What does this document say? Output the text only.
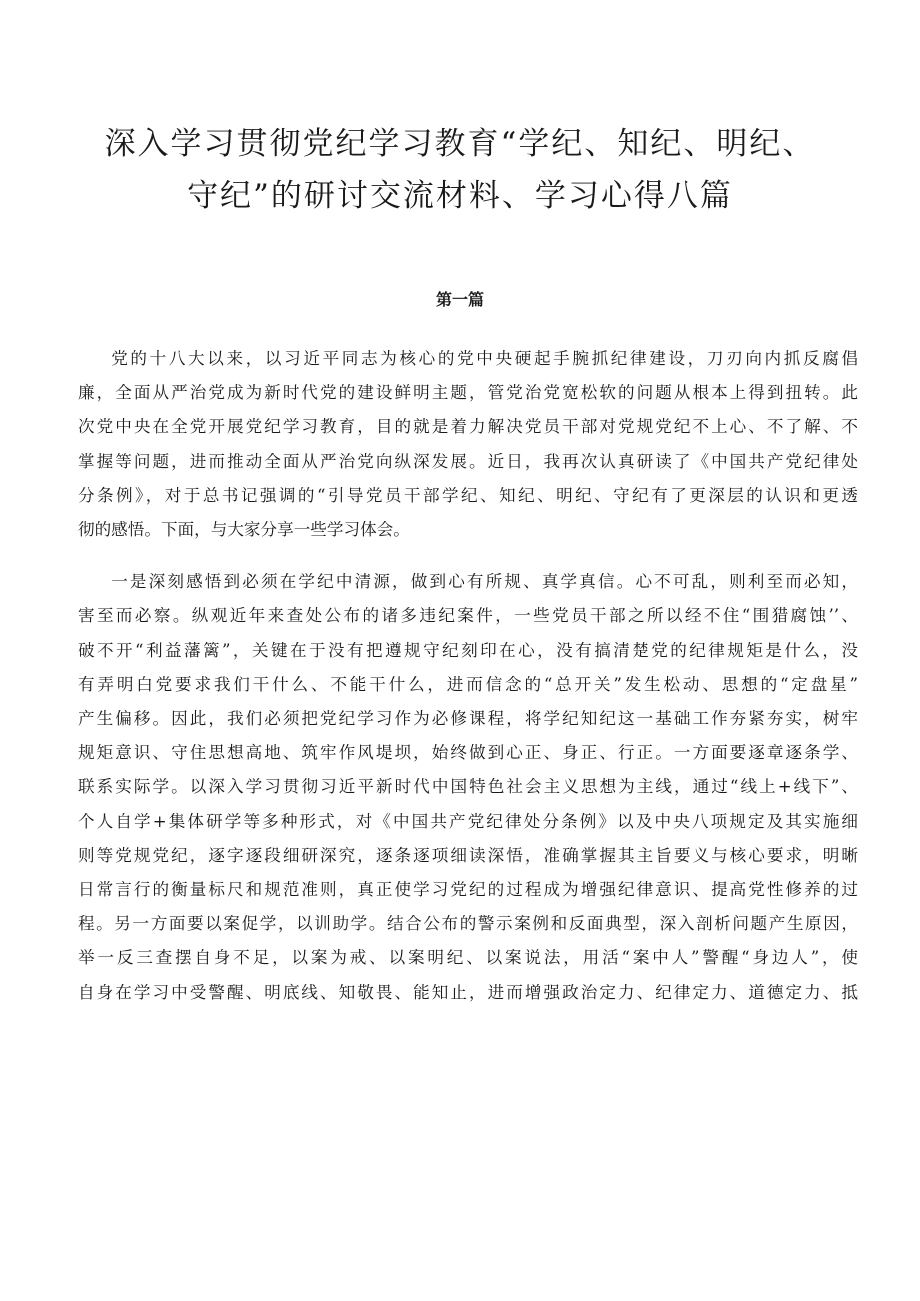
深入学习贯彻党纪学习教育“学纪、知纪、明纪、
守纪”的研讨交流材料、学习心得八篇
第一篇

党的十八大以来，以习近平同志为核心的党中央硬起手腕抓纪律建设，刀刃向内抓反腐倡
廉，全面从严治党成为新时代党的建设鲜明主题，管党治党宽松软的问题从根本上得到扭转。此
次党中央在全党开展党纪学习教育，目的就是着力解决党员干部对党规党纪不上心、不了解、不
掌握等问题，进而推动全面从严治党向纵深发展。近日，我再次认真研读了《中国共产党纪律处
分条例》，对于总书记强调的“引导党员干部学纪、知纪、明纪、守纪有了更深层的认识和更透
彻的感悟。下面，与大家分享一些学习体会。

一是深刻感悟到必须在学纪中清源，做到心有所规、真学真信。心不可乱，则利至而必知，
害至而必察。纵观近年来查处公布的诸多违纪案件，一些党员干部之所以经不住“围猎腐蚀’’、
破不开“利益藩篱”，关键在于没有把遵规守纪刻印在心，没有搞清楚党的纪律规矩是什么，没
有弄明白党要求我们干什么、不能干什么，进而信念的“总开关”发生松动、思想的“定盘星”
产生偏移。因此，我们必须把党纪学习作为必修课程，将学纪知纪这一基础工作夯紧夯实，树牢
规矩意识、守住思想高地、筑牢作风堤坝，始终做到心正、身正、行正。一方面要逐章逐条学、
联系实际学。以深入学习贯彻习近平新时代中国特色社会主义思想为主线，通过“线上+线下”、
个人自学+集体研学等多种形式，对《中国共产党纪律处分条例》以及中央八项规定及其实施细
则等党规党纪，逐字逐段细研深究，逐条逐项细读深悟，准确掌握其主旨要义与核心要求，明晰
日常言行的衡量标尺和规范准则，真正使学习党纪的过程成为增强纪律意识、提高党性修养的过
程。另一方面要以案促学，以训助学。结合公布的警示案例和反面典型，深入剖析问题产生原因，
举一反三查摆自身不足，以案为戒、以案明纪、以案说法，用活“案中人”警醒“身边人”，使
自身在学习中受警醒、明底线、知敬畏、能知止，进而增强政治定力、纪律定力、道德定力、抵
